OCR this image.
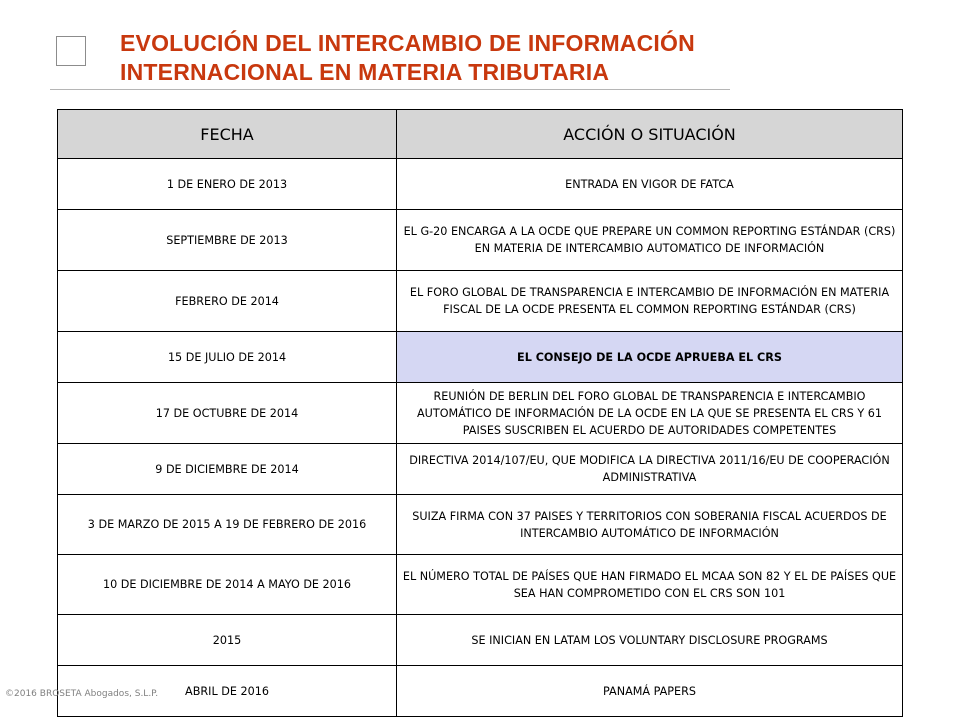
EVOLUCIÓN DEL INTERCAMBIO DE INFORMACIÓN
INTERNACIONAL EN MATERIA TRIBUTARIA
FECHA	ACCIÓN O SITUACIÓN
1 DE ENERO DE 2013	ENTRADA EN VIGOR DE FATCA
SEPTIEMBRE DE 2013	EL G-20 ENCARGA A LA OCDE QUE PREPARE UN COMMON REPORTING ESTÁNDAR (CRS) EN MATERIA DE INTERCAMBIO AUTOMATICO DE INFORMACIÓN
FEBRERO DE 2014	EL FORO GLOBAL DE TRANSPARENCIA E INTERCAMBIO DE INFORMACIÓN EN MATERIA FISCAL DE LA OCDE PRESENTA EL COMMON REPORTING ESTÁNDAR (CRS)
15 DE JULIO DE 2014	EL CONSEJO DE LA OCDE APRUEBA EL CRS
17 DE OCTUBRE DE 2014	REUNIÓN DE BERLIN DEL FORO GLOBAL DE TRANSPARENCIA E INTERCAMBIO AUTOMÁTICO DE INFORMACIÓN DE LA OCDE EN LA QUE SE PRESENTA EL CRS Y 61 PAISES SUSCRIBEN EL ACUERDO DE AUTORIDADES COMPETENTES
9 DE DICIEMBRE DE 2014	DIRECTIVA 2014/107/EU, QUE MODIFICA LA DIRECTIVA 2011/16/EU DE COOPERACIÓN ADMINISTRATIVA
3 DE MARZO DE 2015 A 19 DE FEBRERO DE 2016	SUIZA FIRMA CON 37 PAISES Y TERRITORIOS CON SOBERANIA FISCAL ACUERDOS DE INTERCAMBIO AUTOMÁTICO DE INFORMACIÓN
10 DE DICIEMBRE DE 2014 A MAYO DE 2016	EL NÚMERO TOTAL DE PAÍSES QUE HAN FIRMADO EL MCAA SON 82 Y EL DE PAÍSES QUE SEA HAN COMPROMETIDO CON EL CRS SON 101
2015	SE INICIAN EN LATAM LOS VOLUNTARY DISCLOSURE PROGRAMS
ABRIL DE 2016	PANAMÁ PAPERS
©2016 BROSETA Abogados, S.L.P.
